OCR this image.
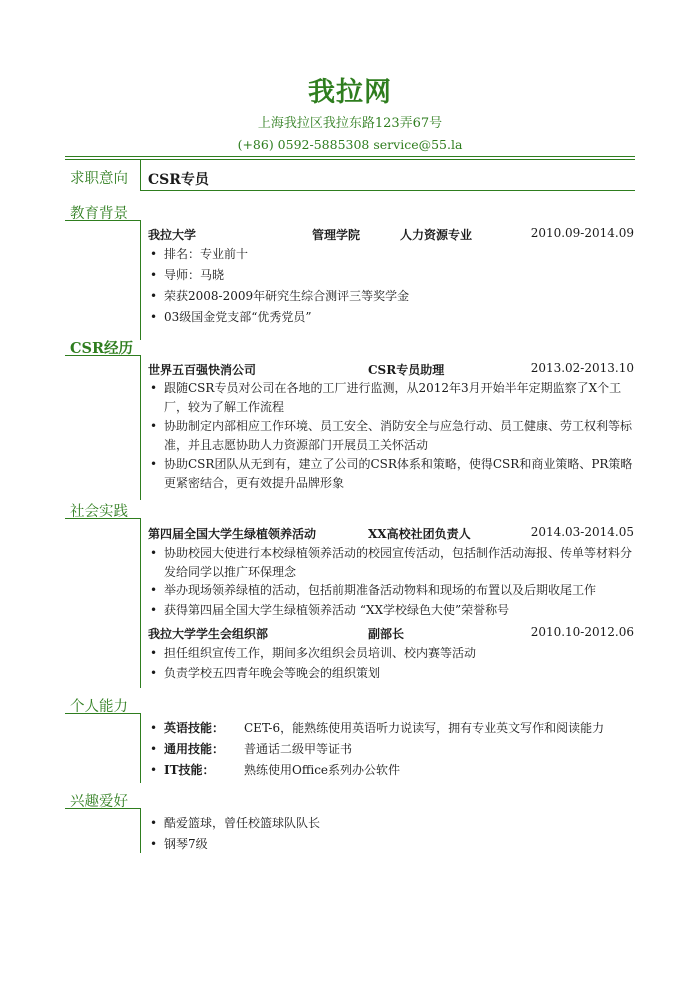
我拉网
上海我拉区我拉东路123弄67号
(+86) 0592-5885308 service@55.la
求职意向 CSR专员
教育背景
我拉大学	管理学院	人力资源专业	2010.09-2014.09
• 排名：专业前十
• 导师：马晓
• 荣获2008-2009年研究生综合测评三等奖学金
• 03级国金党支部“优秀党员”
CSR经历
世界五百强快消公司	CSR专员助理	2013.02-2013.10
• 跟随CSR专员对公司在各地的工厂进行监测，从2012年3月开始半年定期监察了X个工厂，较为了解工作流程
• 协助制定内部相应工作环境、员工安全、消防安全与应急行动、员工健康、劳工权利等标准，并且志愿协助人力资源部门开展员工关怀活动
• 协助CSR团队从无到有，建立了公司的CSR体系和策略，使得CSR和商业策略、PR策略更紧密结合，更有效提升品牌形象
社会实践
第四届全国大学生绿植领养活动	XX高校社团负责人	2014.03-2014.05
• 协助校园大使进行本校绿植领养活动的校园宣传活动，包括制作活动海报、传单等材料分发给同学以推广环保理念
• 举办现场领养绿植的活动，包括前期准备活动物料和现场的布置以及后期收尾工作
• 获得第四届全国大学生绿植领养活动 “XX学校绿色大使”荣誉称号
我拉大学学生会组织部	副部长	2010.10-2012.06
• 担任组织宣传工作，期间多次组织会员培训、校内赛等活动
• 负责学校五四青年晚会等晚会的组织策划
个人能力
• 英语技能： CET-6，能熟练使用英语听力说读写，拥有专业英文写作和阅读能力
• 通用技能： 普通话二级甲等证书
• IT技能： 熟练使用Office系列办公软件
兴趣爱好
• 酷爱篮球，曾任校篮球队队长
• 钢琴7级
